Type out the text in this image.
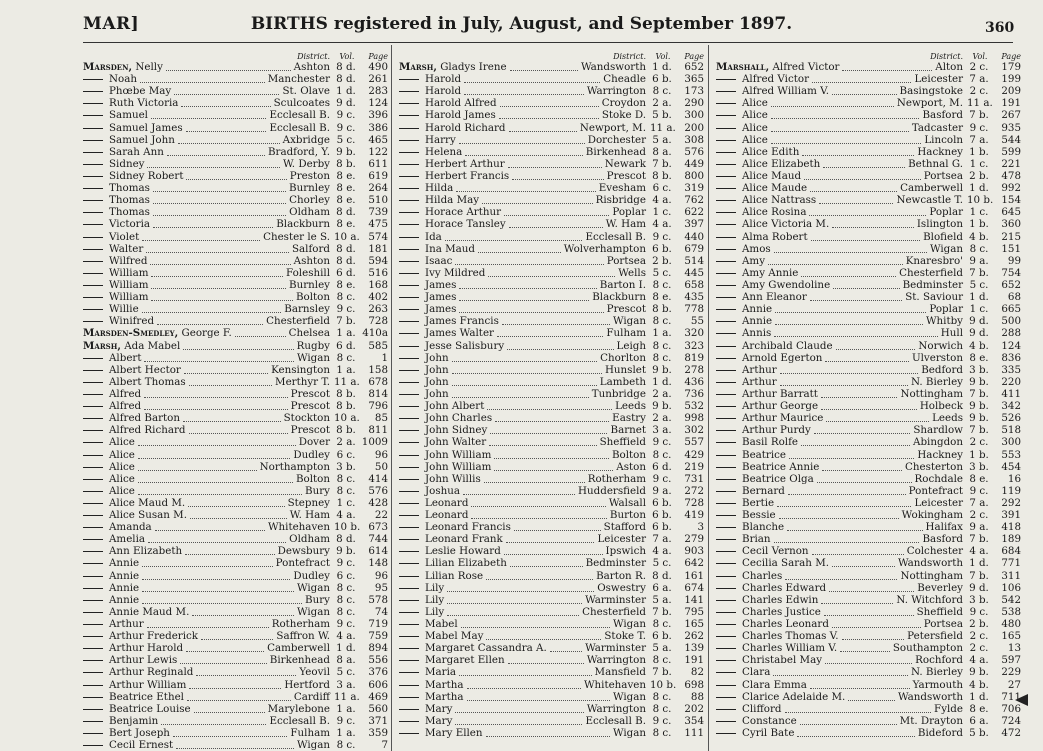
MAR]	BIRTHS registered in July, August, and September 1897.	360
District.	Vol.	Page
Marsden, Nelly	Ashton 8 d.	490
Noah	Manchester 8 d.	261
Phœbe May	St. Olave 1 d.	283
Ruth Victoria	Sculcoates 9 d.	124
Samuel	Ecclesall B. 9 c.	396
Samuel James	Ecclesall B. 9 c.	386
Samuel John	Axbridge 5 c.	465
Sarah Ann	Bradford, Y. 9 b.	122
Sidney	W. Derby 8 b.	611
Sidney Robert	Preston 8 e.	619
Thomas	Burnley 8 e.	264
Thomas	Chorley 8 e.	510
Thomas	Oldham 8 d.	739
Victoria	Blackburn 8 e.	475
Violet	Chester le S. 10 a. 574
Walter	Salford 8 d.	181
Wilfred	Ashton 8 d.	594
William	Foleshill 6 d.	516
William	Burnley 8 e.	168
William	Bolton 8 c.	402
Willie	Barnsley 9 c.	263
Winifred	Chesterfield 7 b.	728
Marsden-Smedley, George F.	Chelsea 1 a. 410a
Marsh, Ada Mabel	Rugby 6 d.	585
Albert	Wigan 8 c.	1
Albert Hector	Kensington 1 a.	158
Albert Thomas	Merthyr T. 11 a. 678
Alfred	Prescot 8 b.	814
Alfred	Prescot 8 b.	796
Alfred Barton	Stockton 10 a.	85
Alfred Richard	Prescot 8 b.	811
Alice	Dover 2 a. 1009
Alice	Dudley 6 c.	96
Alice	Northampton 3 b.	50
Alice	Bolton 8 c.	414
Alice	Bury 8 c.	576
Alice Maud M.	Stepney 1 c.	428
Alice Susan M.	W. Ham 4 a.	22
Amanda	Whitehaven 10 b. 673
Amelia	Oldham 8 d.	744
Ann Elizabeth	Dewsbury 9 b.	614
Annie	Pontefract 9 c.	148
Annie	Dudley 6 c.	96
Annie	Wigan 8 c.	95
Annie	Bury 8 c.	578
Annie Maud M.	Wigan 8 c.	74
Arthur	Rotherham 9 c.	719
Arthur Frederick	Saffron W. 4 a.	759
Arthur Harold	Camberwell 1 d.	894
Arthur Lewis	Birkenhead 8 a.	556
Arthur Reginald	Yeovil 5 c.	376
Arthur William	Hertford 3 a.	606
Beatrice Ethel	Cardiff 11 a. 469
Beatrice Louise	Marylebone 1 a.	560
Benjamin	Ecclesall B. 9 c.	371
Bert Joseph	Fulham 1 a.	359
Cecil Ernest	Wigan 8 c.	7
District.	Vol.	Page
Marsh, Gladys Irene	Wandsworth 1 d.	652
Harold	Cheadle 6 b.	365
Harold	Warrington 8 c.	173
Harold Alfred	Croydon 2 a.	290
Harold James	Stoke D. 5 b.	300
Harold Richard	Newport, M. 11 a. 200
Harry	Dorchester 5 a.	308
Helena	Birkenhead 8 a.	576
Herbert Arthur	Newark 7 b.	449
Herbert Francis	Prescot 8 b.	800
Hilda	Evesham 6 c.	319
Hilda May	Risbridge 4 a.	762
Horace Arthur	Poplar 1 c.	622
Horace Tansley	W. Ham 4 a.	397
Ida	Ecclesall B. 9 c.	440
Ina Maud	Wolverhampton 6 b.	679
Isaac	Portsea 2 b.	514
Ivy Mildred	Wells 5 c.	445
James	Barton I. 8 c.	658
James	Blackburn 8 e.	435
James	Prescot 8 b.	778
James Francis	Wigan 8 c.	55
James Walter	Fulham 1 a.	320
Jesse Salisbury	Leigh 8 c.	323
John	Chorlton 8 c.	819
John	Hunslet 9 b.	278
John	Lambeth 1 d.	436
John	Tunbridge 2 a.	736
John Albert	Leeds 9 b.	532
John Charles	Eastry 2 a.	998
John Sidney	Barnet 3 a.	302
John Walter	Sheffield 9 c.	557
John William	Bolton 8 c.	429
John William	Aston 6 d.	219
John Willis	Rotherham 9 c.	731
Joshua	Huddersfield 9 a.	272
Leonard	Walsall 6 b.	728
Leonard	Burton 6 b.	419
Leonard Francis	Stafford 6 b.	3
Leonard Frank	Leicester 7 a.	279
Leslie Howard	Ipswich 4 a.	903
Lilian Elizabeth	Bedminster 5 c.	642
Lilian Rose	Barton R. 8 d.	161
Lily	Oswestry 6 a.	674
Lily	Warminster 5 a.	141
Lily	Chesterfield 7 b.	795
Mabel	Wigan 8 c.	165
Mabel May	Stoke T. 6 b.	262
Margaret Cassandra A.	Warminster 5 a.	139
Margaret Ellen	Warrington 8 c.	191
Maria	Mansfield 7 b.	82
Martha	Whitehaven 10 b. 698
Martha	Wigan 8 c.	88
Mary	Warrington 8 c.	202
Mary	Ecclesall B. 9 c.	354
Mary Ellen	Wigan 8 c.	111
District.	Vol.	Page
Marshall, Alfred Victor	Alton 2 c.	179
Alfred Victor	Leicester 7 a.	199
Alfred William V.	Basingstoke 2 c.	209
Alice	Newport, M. 11 a. 191
Alice	Basford 7 b.	267
Alice	Tadcaster 9 c.	935
Alice	Lincoln 7 a.	544
Alice Edith	Hackney 1 b.	599
Alice Elizabeth	Bethnal G. 1 c.	221
Alice Maud	Portsea 2 b.	478
Alice Maude	Camberwell 1 d.	992
Alice Nattrass	Newcastle T. 10 b. 154
Alice Rosina	Poplar 1 c.	645
Alice Victoria M.	Islington 1 b.	360
Alma Robert	Blofield 4 b.	215
Amos	Wigan 8 c.	151
Amy	Knaresbro' 9 a.	99
Amy Annie	Chesterfield 7 b.	754
Amy Gwendoline	Bedminster 5 c.	652
Ann Eleanor	St. Saviour 1 d.	68
Annie	Poplar 1 c.	665
Annie	Whitby 9 d.	500
Annis	Hull 9 d.	288
Archibald Claude	Norwich 4 b.	124
Arnold Egerton	Ulverston 8 e.	836
Arthur	Bedford 3 b.	335
Arthur	N. Bierley 9 b.	220
Arthur Barratt	Nottingham 7 b.	411
Arthur George	Holbeck 9 b.	342
Arthur Maurice	Leeds 9 b.	526
Arthur Purdy	Shardlow 7 b.	518
Basil Rolfe	Abingdon 2 c.	300
Beatrice	Hackney 1 b.	553
Beatrice Annie	Chesterton 3 b.	454
Beatrice Olga	Rochdale 8 e.	16
Bernard	Pontefract 9 c.	119
Bertie	Leicester 7 a.	292
Bessie	Wokingham 2 c.	391
Blanche	Halifax 9 a.	418
Brian	Basford 7 b.	189
Cecil Vernon	Colchester 4 a.	684
Cecilia Sarah M.	Wandsworth 1 d.	771
Charles	Nottingham 7 b.	311
Charles Edward	Beverley 9 d.	106
Charles Edwin	N. Witchford 3 b.	542
Charles Justice	Sheffield 9 c.	538
Charles Leonard	Portsea 2 b.	480
Charles Thomas V.	Petersfield 2 c.	165
Charles William V.	Southampton 2 c.	13
Christabel May	Rochford 4 a.	597
Clara	N. Bierley 9 b.	229
Clara Emma	Yarmouth 4 b.	27
Clarice Adelaide M.	Wandsworth 1 d.	711
Clifford	Fylde 8 e.	706
Constance	Mt. Drayton 6 a.	724
Cyril Bate	Bideford 5 b.	472
